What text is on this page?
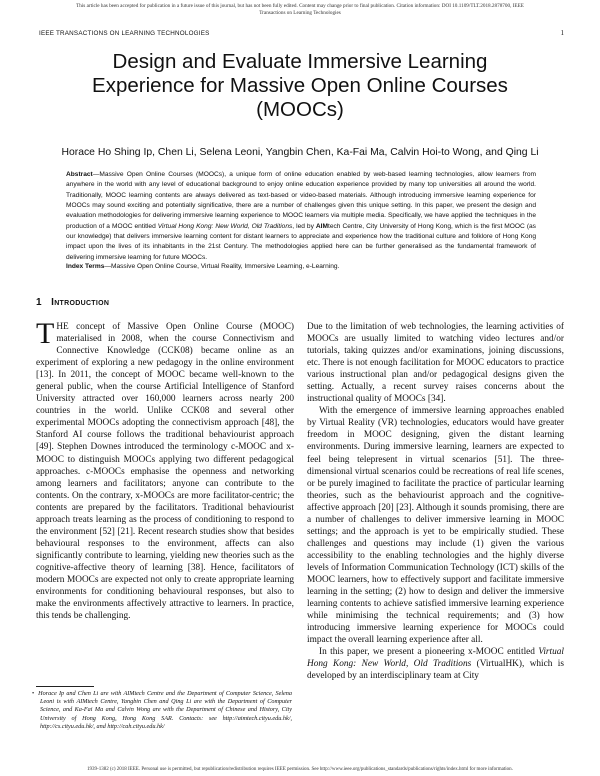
This article has been accepted for publication in a future issue of this journal, but has not been fully edited. Content may change prior to final publication. Citation information: DOI 10.1109/TLT.2018.2878700, IEEE
Transactions on Learning Technologies
IEEE TRANSACTIONS ON LEARNING TECHNOLOGIES	1
Design and Evaluate Immersive Learning
Experience for Massive Open Online Courses
(MOOCs)
Horace Ho Shing Ip, Chen Li, Selena Leoni, Yangbin Chen, Ka-Fai Ma, Calvin Hoi-to Wong, and Qing Li
Abstract—Massive Open Online Courses (MOOCs), a unique form of online education enabled by web-based learning technologies, allow learners from anywhere in the world with any level of educational background to enjoy online education experience provided by many top universities all around the world. Traditionally, MOOC learning contents are always delivered as text-based or video-based materials. Although introducing immersive learning experience for MOOCs may sound exciting and potentially significative, there are a number of challenges given this unique setting. In this paper, we present the design and evaluation methodologies for delivering immersive learning experience to MOOC learners via multiple media. Specifically, we have applied the techniques in the production of a MOOC entitled Virtual Hong Kong: New World, Old Traditions, led by AIMtech Centre, City University of Hong Kong, which is the first MOOC (as our knowledge) that delivers immersive learning content for distant learners to appreciate and experience how the traditional culture and folklore of Hong Kong impact upon the lives of its inhabitants in the 21st Century. The methodologies applied here can be further generalised as the fundamental framework of delivering immersive learning for future MOOCs.
Index Terms—Massive Open Online Course, Virtual Reality, Immersive Learning, e-Learning.
1 Introduction

THE concept of Massive Open Online Course (MOOC) materialised in 2008, when the course Connectivism and Connective Knowledge (CCK08) became online as an experiment of exploring a new pedagogy in the online environment [13]. In 2011, the concept of MOOC became well-known to the general public, when the course Artificial Intelligence of Stanford University attracted over 160,000 learners across nearly 200 countries in the world. Unlike CCK08 and several other experimental MOOCs adopting the connectivism approach [48], the Stanford AI course follows the traditional behaviourist approach [49]. Stephen Downes introduced the terminology c-MOOC and x-MOOC to distinguish MOOCs applying two different pedagogical approaches. c-MOOCs emphasise the openness and networking among learners and facilitators; anyone can contribute to the contents. On the contrary, x-MOOCs are more facilitator-centric; the contents are prepared by the facilitators. Traditional behaviourist approach treats learning as the process of conditioning to respond to the environment [52] [21]. Recent research studies show that besides behavioural responses to the environment, affects can also significantly contribute to learning, yielding new theories such as the cognitive-affective theory of learning [38]. Hence, facilitators of modern MOOCs are expected not only to create appropriate learning environments for conditioning behavioural responses, but also to make the environments affectively attractive to learners. In practice, this tends be challenging.

Due to the limitation of web technologies, the learning activities of MOOCs are usually limited to watching video lectures and/or tutorials, taking quizzes and/or examinations, joining discussions, etc. There is not enough facilitation for MOOC educators to practice various instructional plan and/or pedagogical designs given the setting. Actually, a recent survey raises concerns about the instructional quality of MOOCs [34].

With the emergence of immersive learning approaches enabled by Virtual Reality (VR) technologies, educators would have greater freedom in MOOC designing, given the distant learning environments. During immersive learning, learners are expected to feel being telepresent in virtual scenarios [51]. The three-dimensional virtual scenarios could be recreations of real life scenes, or be purely imagined to facilitate the practice of particular learning theories, such as the behaviourist approach and the cognitive-affective approach [20] [23]. Although it sounds promising, there are a number of challenges to deliver immersive learning in MOOC settings; and the approach is yet to be empirically studied. These challenges and questions may include (1) given the various accessibility to the enabling technologies and the highly diverse levels of Information Communication Technology (ICT) skills of the MOOC learners, how to effectively support and facilitate immersive learning in the setting; (2) how to design and deliver the immersive learning contents to achieve satisfied immersive learning experience while minimising the technical requirements; and (3) how introducing immersive learning experience for MOOCs could impact the overall learning experience after all.

In this paper, we present a pioneering x-MOOC entitled Virtual Hong Kong: New World, Old Traditions (VirtualHK), which is developed by an interdisciplinary team at City

• Horace Ip and Chen Li are with AIMtech Centre and the Department of Computer Science, Selena Leoni is with AIMtech Centre, Yangbin Chen and Qing Li are with the Department of Computer Science, and Ka-Fai Ma and Calvin Wong are with the Department of Chinese and History, City University of Hong Kong, Hong Kong SAR. Contacts: see http://aimtech.cityu.edu.hk/, http://cs.cityu.edu.hk/, and http://cah.cityu.edu.hk/
1939-1382 (c) 2018 IEEE. Personal use is permitted, but republication/redistribution requires IEEE permission. See http://www.ieee.org/publications_standards/publications/rights/index.html for more information.
